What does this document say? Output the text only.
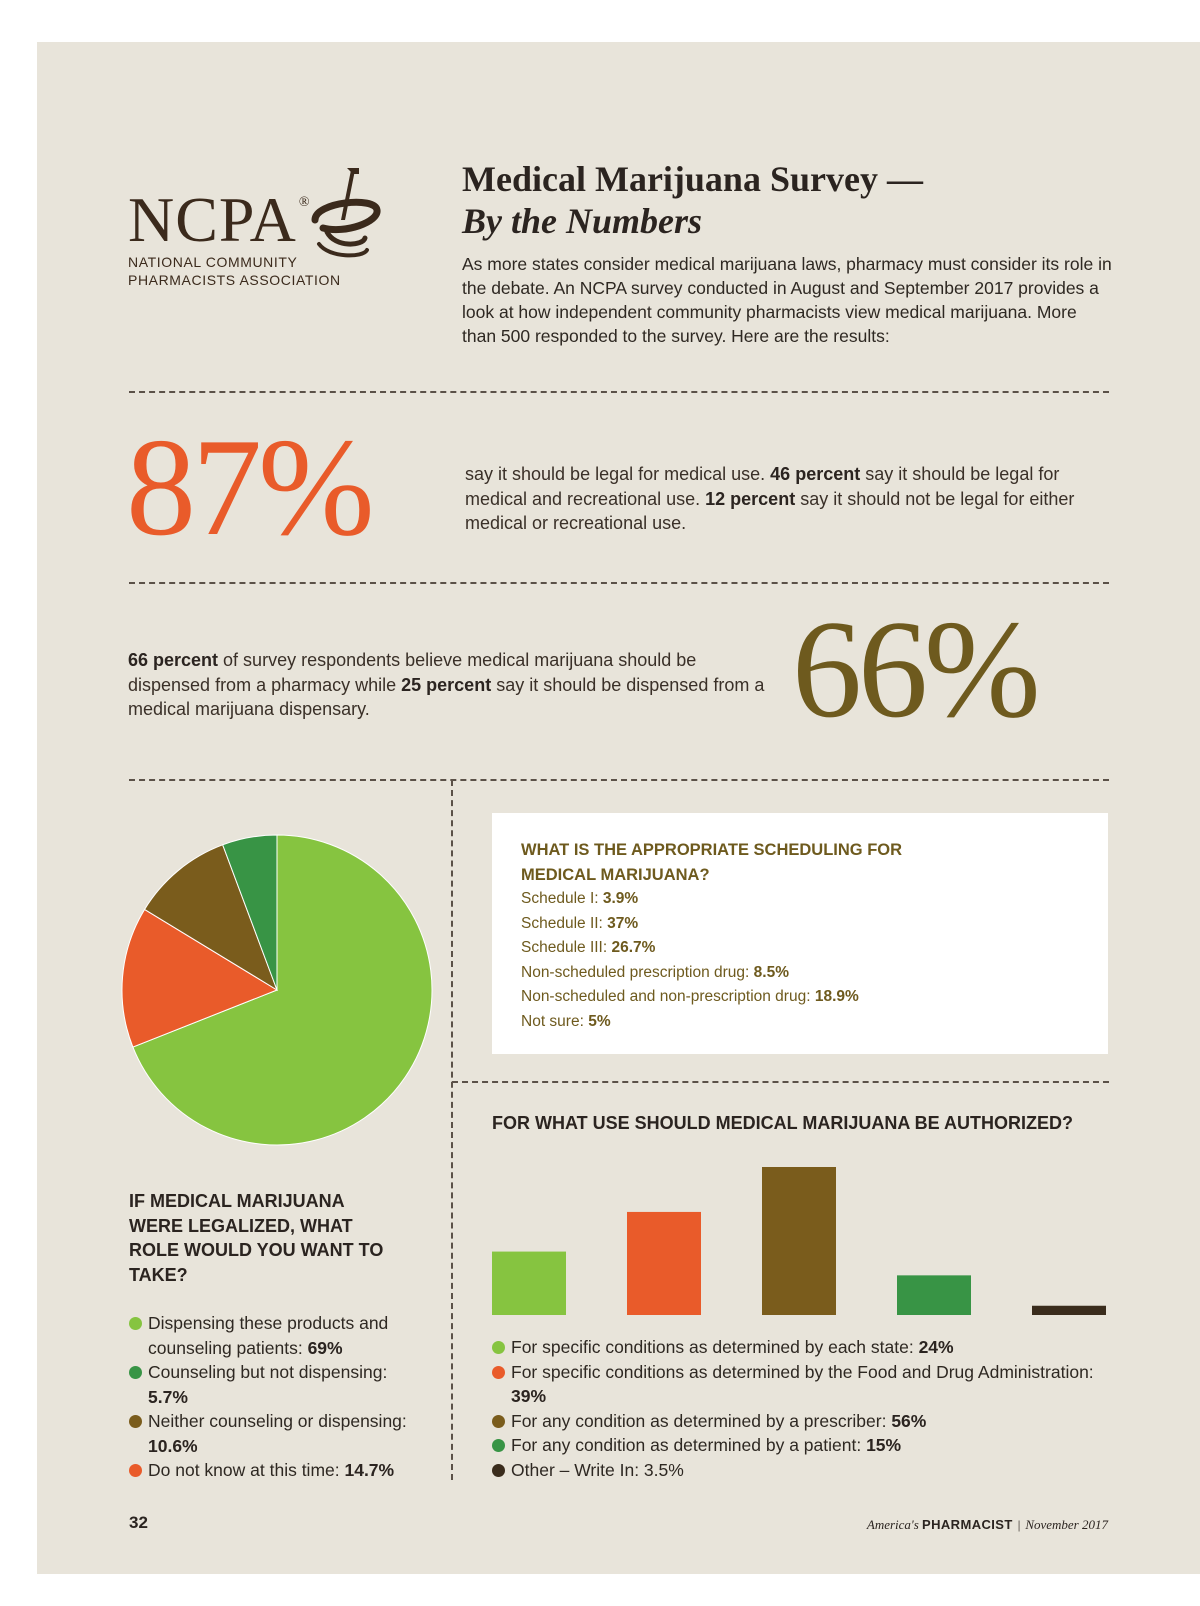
NCPA ®
NATIONAL COMMUNITY
PHARMACISTS ASSOCIATION
Medical Marijuana Survey —
By the Numbers
As more states consider medical marijuana laws, pharmacy must consider its role in the debate. An NCPA survey conducted in August and September 2017 provides a look at how independent community pharmacists view medical marijuana. More than 500 responded to the survey. Here are the results:
87%	say it should be legal for medical use. 46 percent say it should be legal for medical and recreational use. 12 percent say it should not be legal for either medical or recreational use.
66 percent of survey respondents believe medical marijuana should be dispensed from a pharmacy while 25 percent say it should be dispensed from a medical marijuana dispensary.	66%
IF MEDICAL MARIJUANA WERE LEGALIZED, WHAT ROLE WOULD YOU WANT TO TAKE?
Dispensing these products and counseling patients: 69%
Counseling but not dispensing: 5.7%
Neither counseling or dispensing: 10.6%
Do not know at this time: 14.7%
WHAT IS THE APPROPRIATE SCHEDULING FOR MEDICAL MARIJUANA?
Schedule I: 3.9%
Schedule II: 37%
Schedule III: 26.7%
Non-scheduled prescription drug: 8.5%
Non-scheduled and non-prescription drug: 18.9%
Not sure: 5%
FOR WHAT USE SHOULD MEDICAL MARIJUANA BE AUTHORIZED?
For specific conditions as determined by each state: 24%
For specific conditions as determined by the Food and Drug Administration: 39%
For any condition as determined by a prescriber: 56%
For any condition as determined by a patient: 15%
Other – Write In: 3.5%
32	America's PHARMACIST | November 2017
